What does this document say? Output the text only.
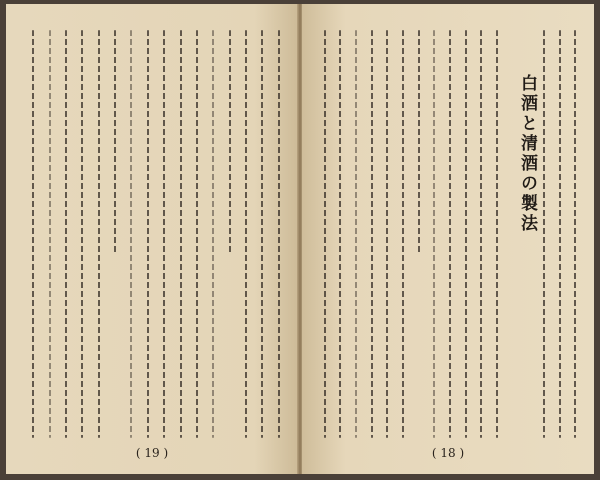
( 19 )
白酒と清酒の製法
( 18 )
